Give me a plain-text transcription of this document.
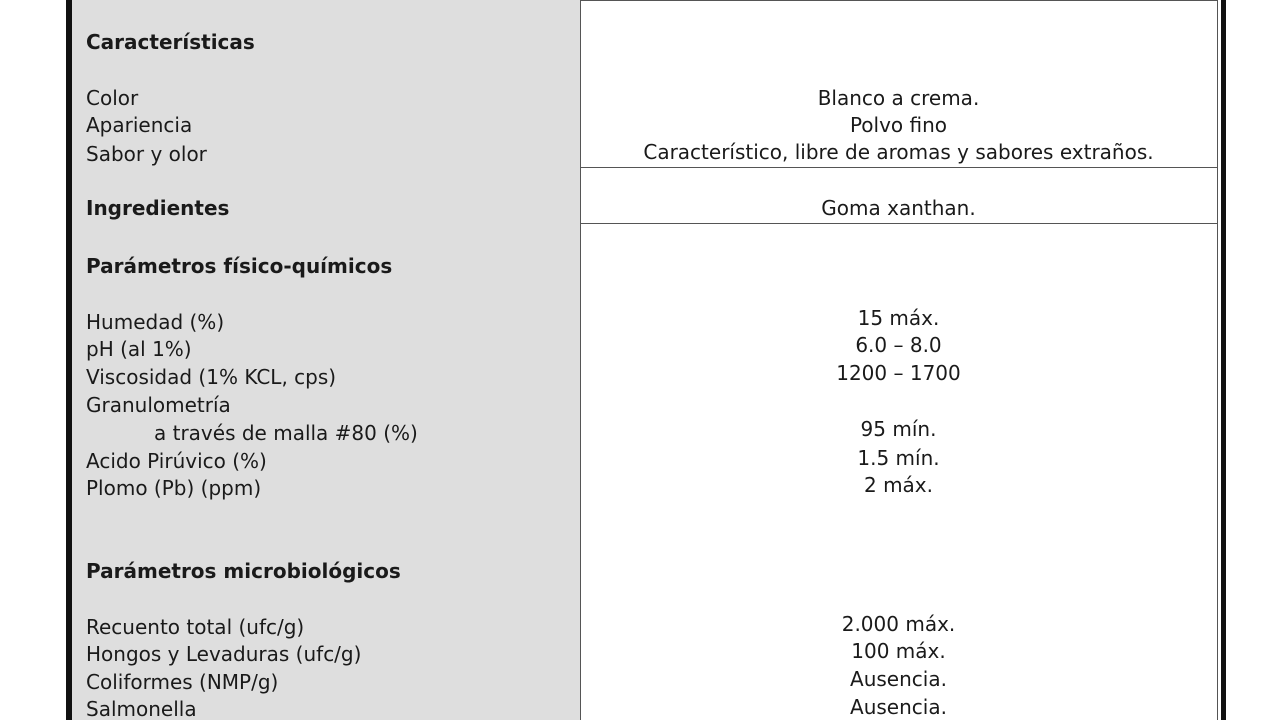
Características
Color
Apariencia
Sabor y olor
Blanco a crema.
Polvo fino
Característico, libre de aromas y sabores extraños.
Ingredientes	Goma xanthan.
Parámetros físico-químicos
Humedad (%)
pH (al 1%)
Viscosidad (1% KCL, cps)
Granulometría
a través de malla #80 (%)
Acido Pirúvico (%)
Plomo (Pb) (ppm)
15 máx.
6.0 – 8.0
1200 – 1700
95 mín.
1.5 mín.
2 máx.
Parámetros microbiológicos
Recuento total (ufc/g)
Hongos y Levaduras (ufc/g)
Coliformes (NMP/g)
Salmonella
2.000 máx.
100 máx.
Ausencia.
Ausencia.
